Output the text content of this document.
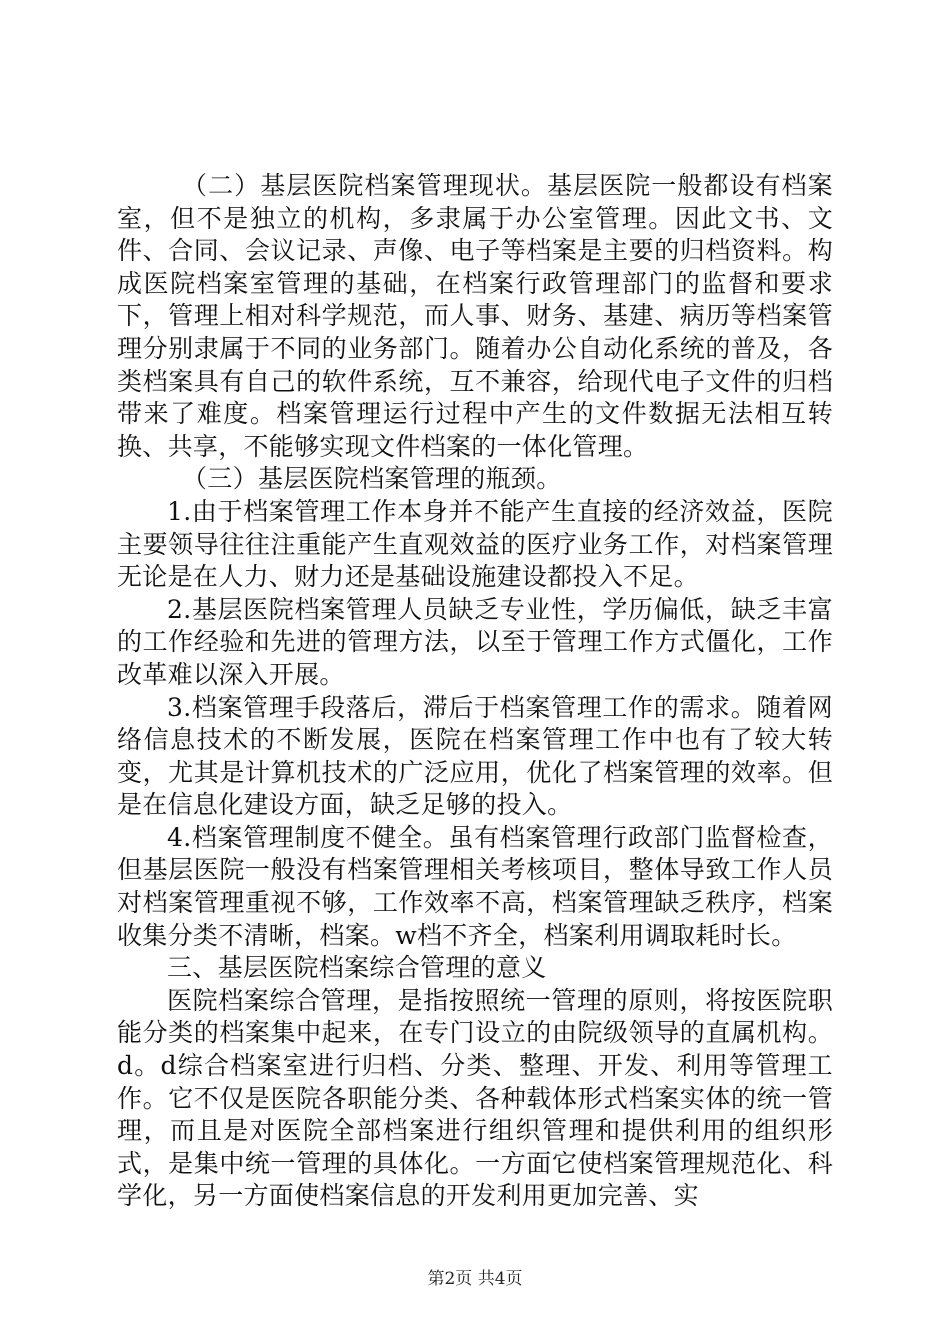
（二）基层医院档案管理现状。基层医院一般都设有档案室，但不是独立的机构，多隶属于办公室管理。因此文书、文件、合同、会议记录、声像、电子等档案是主要的归档资料。构成医院档案室管理的基础，在档案行政管理部门的监督和要求下，管理上相对科学规范，而人事、财务、基建、病历等档案管理分别隶属于不同的业务部门。随着办公自动化系统的普及，各类档案具有自己的软件系统，互不兼容，给现代电子文件的归档带来了难度。档案管理运行过程中产生的文件数据无法相互转换、共享，不能够实现文件档案的一体化管理。

（三）基层医院档案管理的瓶颈。

1.由于档案管理工作本身并不能产生直接的经济效益，医院主要领导往往注重能产生直观效益的医疗业务工作，对档案管理无论是在人力、财力还是基础设施建设都投入不足。

2.基层医院档案管理人员缺乏专业性，学历偏低，缺乏丰富的工作经验和先进的管理方法，以至于管理工作方式僵化，工作改革难以深入开展。

3.档案管理手段落后，滞后于档案管理工作的需求。随着网络信息技术的不断发展，医院在档案管理工作中也有了较大转变，尤其是计算机技术的广泛应用，优化了档案管理的效率。但是在信息化建设方面，缺乏足够的投入。

4.档案管理制度不健全。虽有档案管理行政部门监督检查，但基层医院一般没有档案管理相关考核项目，整体导致工作人员对档案管理重视不够，工作效率不高，档案管理缺乏秩序，档案收集分类不清晰，档案。w档不齐全，档案利用调取耗时长。

三、基层医院档案综合管理的意义

医院档案综合管理，是指按照统一管理的原则，将按医院职能分类的档案集中起来，在专门设立的由院级领导的直属机构。d。d综合档案室进行归档、分类、整理、开发、利用等管理工作。它不仅是医院各职能分类、各种载体形式档案实体的统一管理，而且是对医院全部档案进行组织管理和提供利用的组织形式，是集中统一管理的具体化。一方面它使档案管理规范化、科学化，另一方面使档案信息的开发利用更加完善、实

第2页 共4页
